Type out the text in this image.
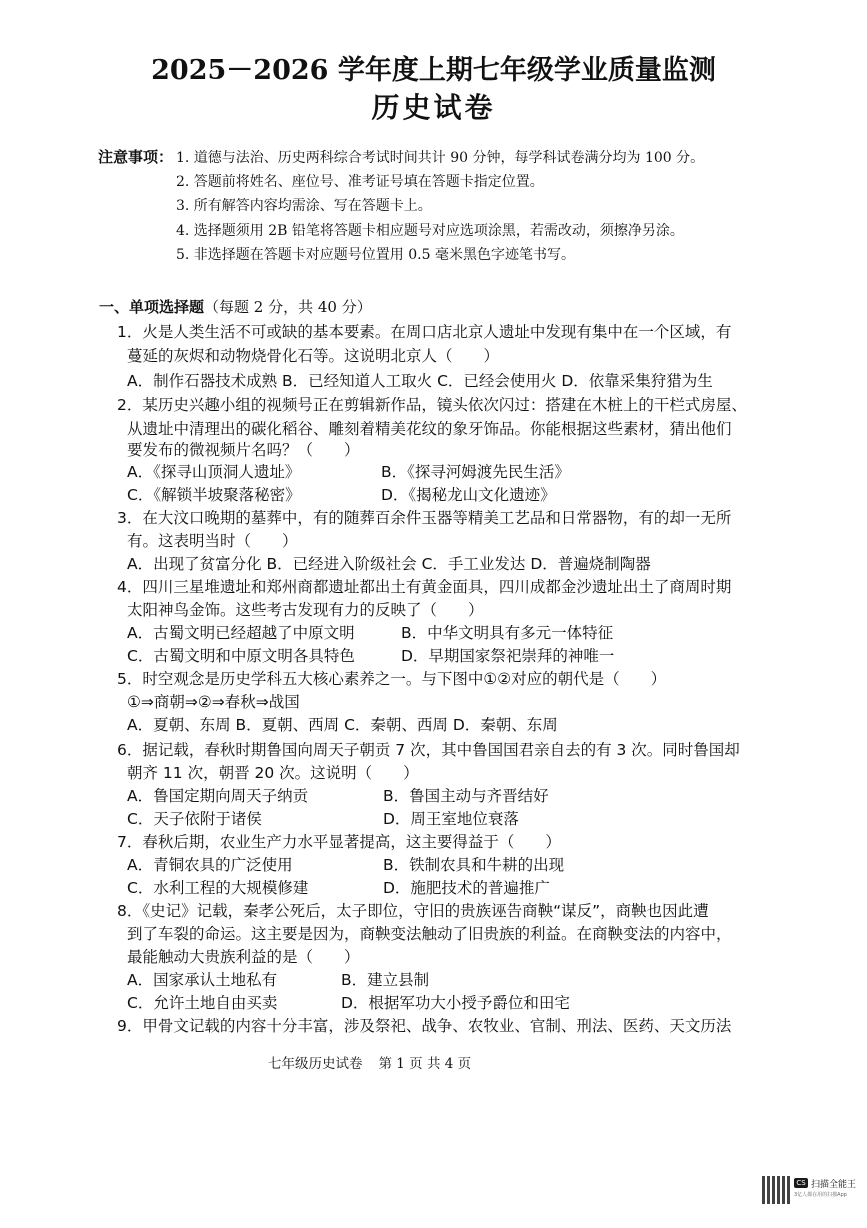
2025－2026 学年度上期七年级学业质量监测
历史试卷
注意事项： 1. 道德与法治、历史两科综合考试时间共计 90 分钟，每学科试卷满分均为 100 分。
2. 答题前将姓名、座位号、准考证号填在答题卡指定位置。
3. 所有解答内容均需涂、写在答题卡上。
4. 选择题须用 2B 铅笔将答题卡相应题号对应选项涂黑，若需改动，须擦净另涂。
5. 非选择题在答题卡对应题号位置用 0.5 毫米黑色字迹笔书写。
一、单项选择题（每题 2 分，共 40 分）
1．火是人类生活不可或缺的基本要素。在周口店北京人遗址中发现有集中在一个区域，有
蔓延的灰烬和动物烧骨化石等。这说明北京人（　　）
A．制作石器技术成熟 B．已经知道人工取火 C．已经会使用火 D．依靠采集狩猎为生
2．某历史兴趣小组的视频号正在剪辑新作品，镜头依次闪过：搭建在木桩上的干栏式房屋、
从遗址中清理出的碳化稻谷、雕刻着精美花纹的象牙饰品。你能根据这些素材，猜出他们
要发布的微视频片名吗？（　　）
A．《探寻山顶洞人遗址》	B．《探寻河姆渡先民生活》
C．《解锁半坡聚落秘密》	D．《揭秘龙山文化遗迹》
3．在大汶口晚期的墓葬中，有的随葬百余件玉器等精美工艺品和日常器物，有的却一无所
有。这表明当时（　　）
A．出现了贫富分化 B．已经进入阶级社会 C．手工业发达 D．普遍烧制陶器
4．四川三星堆遗址和郑州商都遗址都出土有黄金面具，四川成都金沙遗址出土了商周时期
太阳神鸟金饰。这些考古发现有力的反映了（　　）
A．古蜀文明已经超越了中原文明	B．中华文明具有多元一体特征
C．古蜀文明和中原文明各具特色	D．早期国家祭祀崇拜的神唯一
5．时空观念是历史学科五大核心素养之一。与下图中①②对应的朝代是（　　）
①⇒商朝⇒②⇒春秋⇒战国
A．夏朝、东周 B．夏朝、西周 C．秦朝、西周 D．秦朝、东周
6．据记载，春秋时期鲁国向周天子朝贡 7 次，其中鲁国国君亲自去的有 3 次。同时鲁国却
朝齐 11 次，朝晋 20 次。这说明（　　）
A．鲁国定期向周天子纳贡	B．鲁国主动与齐晋结好
C．天子依附于诸侯	D．周王室地位衰落
7．春秋后期，农业生产力水平显著提高，这主要得益于（　　）
A．青铜农具的广泛使用	B．铁制农具和牛耕的出现
C．水利工程的大规模修建	D．施肥技术的普遍推广
8．《史记》记载，秦孝公死后，太子即位，守旧的贵族诬告商鞅“谋反”，商鞅也因此遭
到了车裂的命运。这主要是因为，商鞅变法触动了旧贵族的利益。在商鞅变法的内容中，
最能触动大贵族利益的是（　　）
A．国家承认土地私有	B．建立县制
C．允许土地自由买卖	D．根据军功大小授予爵位和田宅
9．甲骨文记载的内容十分丰富，涉及祭祀、战争、农牧业、官制、刑法、医药、天文历法
七年级历史试卷 第 1 页 共 4 页
CS 扫描全能王
3亿人都在用的扫描App
